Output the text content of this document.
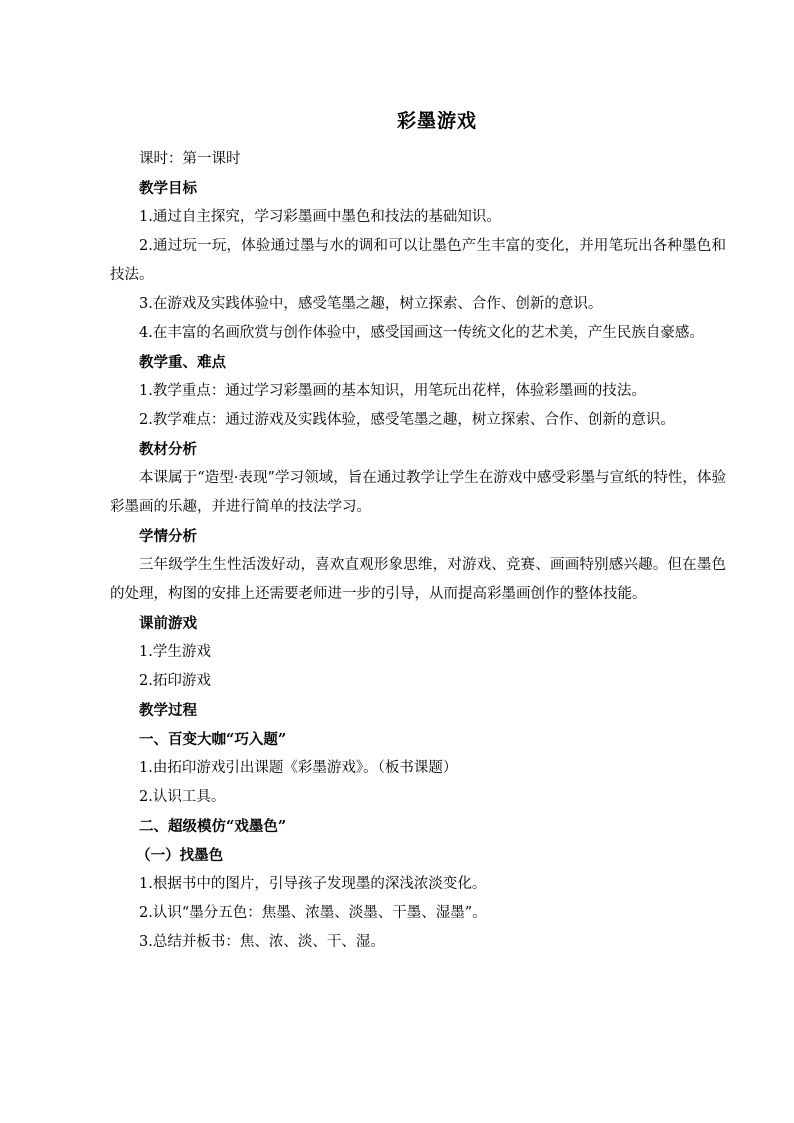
彩墨游戏

课时：第一课时

教学目标

1.通过自主探究，学习彩墨画中墨色和技法的基础知识。

2.通过玩一玩，体验通过墨与水的调和可以让墨色产生丰富的变化，并用笔玩出各种墨色和技法。

3.在游戏及实践体验中，感受笔墨之趣，树立探索、合作、创新的意识。

4.在丰富的名画欣赏与创作体验中，感受国画这一传统文化的艺术美，产生民族自豪感。

教学重、难点

1.教学重点：通过学习彩墨画的基本知识，用笔玩出花样，体验彩墨画的技法。

2.教学难点：通过游戏及实践体验，感受笔墨之趣，树立探索、合作、创新的意识。

教材分析

本课属于“造型·表现”学习领域，旨在通过教学让学生在游戏中感受彩墨与宣纸的特性，体验彩墨画的乐趣，并进行简单的技法学习。

学情分析

三年级学生生性活泼好动，喜欢直观形象思维，对游戏、竞赛、画画特别感兴趣。但在墨色的处理，构图的安排上还需要老师进一步的引导，从而提高彩墨画创作的整体技能。

课前游戏

1.学生游戏

2.拓印游戏

教学过程

一、百变大咖“巧入题”

1.由拓印游戏引出课题《彩墨游戏》。（板书课题）

2.认识工具。

二、超级模仿“戏墨色”

（一）找墨色

1.根据书中的图片，引导孩子发现墨的深浅浓淡变化。

2.认识“墨分五色：焦墨、浓墨、淡墨、干墨、湿墨”。

3.总结并板书：焦、浓、淡、干、湿。
